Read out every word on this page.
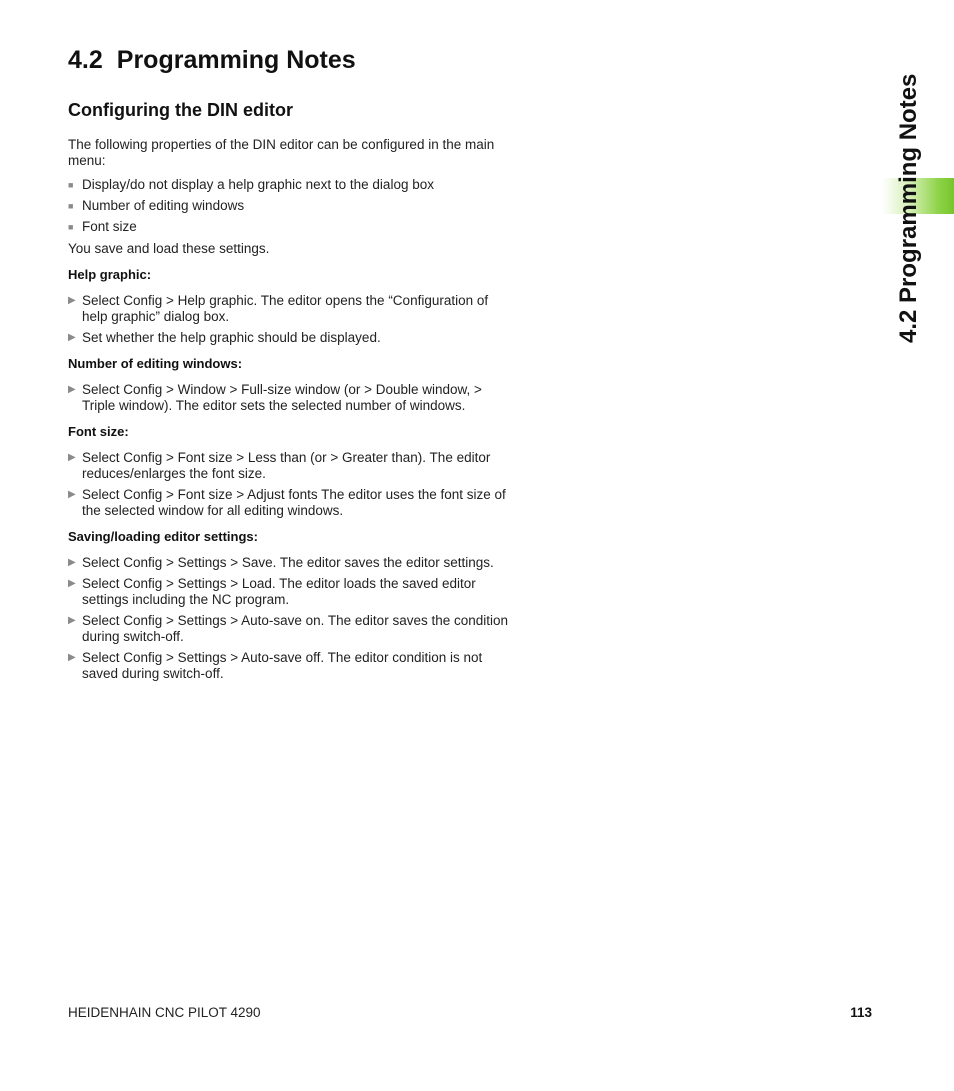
4.2 Programming Notes
Configuring the DIN editor

The following properties of the DIN editor can be configured in the main menu:

■ Display/do not display a help graphic next to the dialog box
■ Number of editing windows
■ Font size

You save and load these settings.

Help graphic:

▶ Select Config > Help graphic. The editor opens the “Configuration of help graphic” dialog box.
▶ Set whether the help graphic should be displayed.

Number of editing windows:

▶ Select Config > Window > Full-size window (or > Double window, > Triple window). The editor sets the selected number of windows.

Font size:

▶ Select Config > Font size > Less than (or > Greater than). The editor reduces/enlarges the font size.
▶ Select Config > Font size > Adjust fonts The editor uses the font size of the selected window for all editing windows.

Saving/loading editor settings:

▶ Select Config > Settings > Save. The editor saves the editor settings.
▶ Select Config > Settings > Load. The editor loads the saved editor settings including the NC program.
▶ Select Config > Settings > Auto-save on. The editor saves the condition during switch-off.
▶ Select Config > Settings > Auto-save off. The editor condition is not saved during switch-off.
4.2 Programming Notes
HEIDENHAIN CNC PILOT 4290	113
